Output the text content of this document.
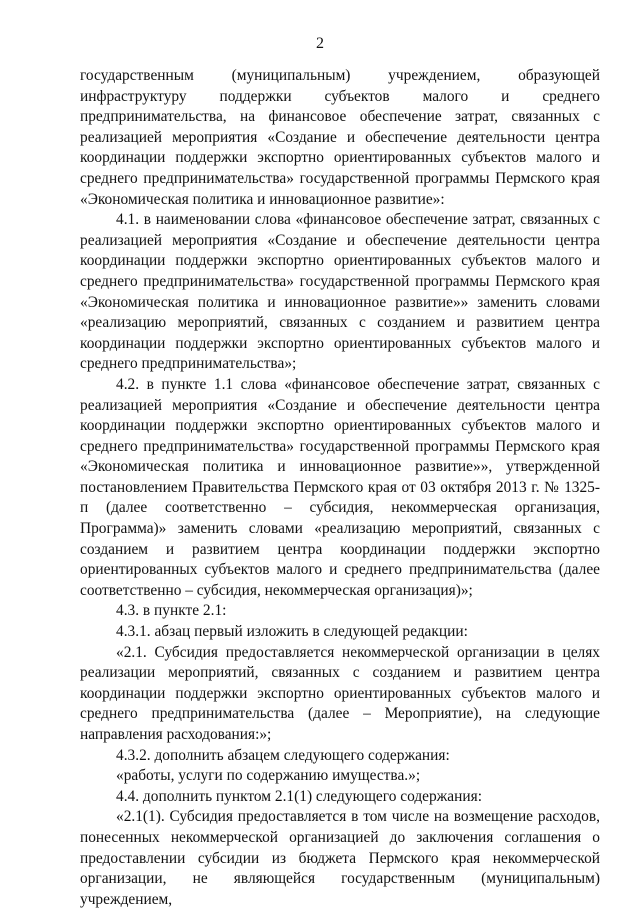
2

государственным (муниципальным) учреждением, образующей инфраструктуру поддержки субъектов малого и среднего предпринимательства, на финансовое обеспечение затрат, связанных с реализацией мероприятия «Создание и обеспечение деятельности центра координации поддержки экспортно ориентированных субъектов малого и среднего предпринимательства» государственной программы Пермского края «Экономическая политика и инновационное развитие»:

4.1. в наименовании слова «финансовое обеспечение затрат, связанных с реализацией мероприятия «Создание и обеспечение деятельности центра координации поддержки экспортно ориентированных субъектов малого и среднего предпринимательства» государственной программы Пермского края «Экономическая политика и инновационное развитие»» заменить словами «реализацию мероприятий, связанных с созданием и развитием центра координации поддержки экспортно ориентированных субъектов малого и среднего предпринимательства»;

4.2. в пункте 1.1 слова «финансовое обеспечение затрат, связанных с реализацией мероприятия «Создание и обеспечение деятельности центра координации поддержки экспортно ориентированных субъектов малого и среднего предпринимательства» государственной программы Пермского края «Экономическая политика и инновационное развитие»», утвержденной постановлением Правительства Пермского края от 03 октября 2013 г. № 1325-п (далее соответственно – субсидия, некоммерческая организация, Программа)» заменить словами «реализацию мероприятий, связанных с созданием и развитием центра координации поддержки экспортно ориентированных субъектов малого и среднего предпринимательства (далее соответственно – субсидия, некоммерческая организация)»;

4.3. в пункте 2.1:

4.3.1. абзац первый изложить в следующей редакции:

«2.1. Субсидия предоставляется некоммерческой организации в целях реализации мероприятий, связанных с созданием и развитием центра координации поддержки экспортно ориентированных субъектов малого и среднего предпринимательства (далее – Мероприятие), на следующие направления расходования:»;

4.3.2. дополнить абзацем следующего содержания:

«работы, услуги по содержанию имущества.»;

4.4. дополнить пунктом 2.1(1) следующего содержания:

«2.1(1). Субсидия предоставляется в том числе на возмещение расходов, понесенных некоммерческой организацией до заключения соглашения о предоставлении субсидии из бюджета Пермского края некоммерческой организации, не являющейся государственным (муниципальным) учреждением,
